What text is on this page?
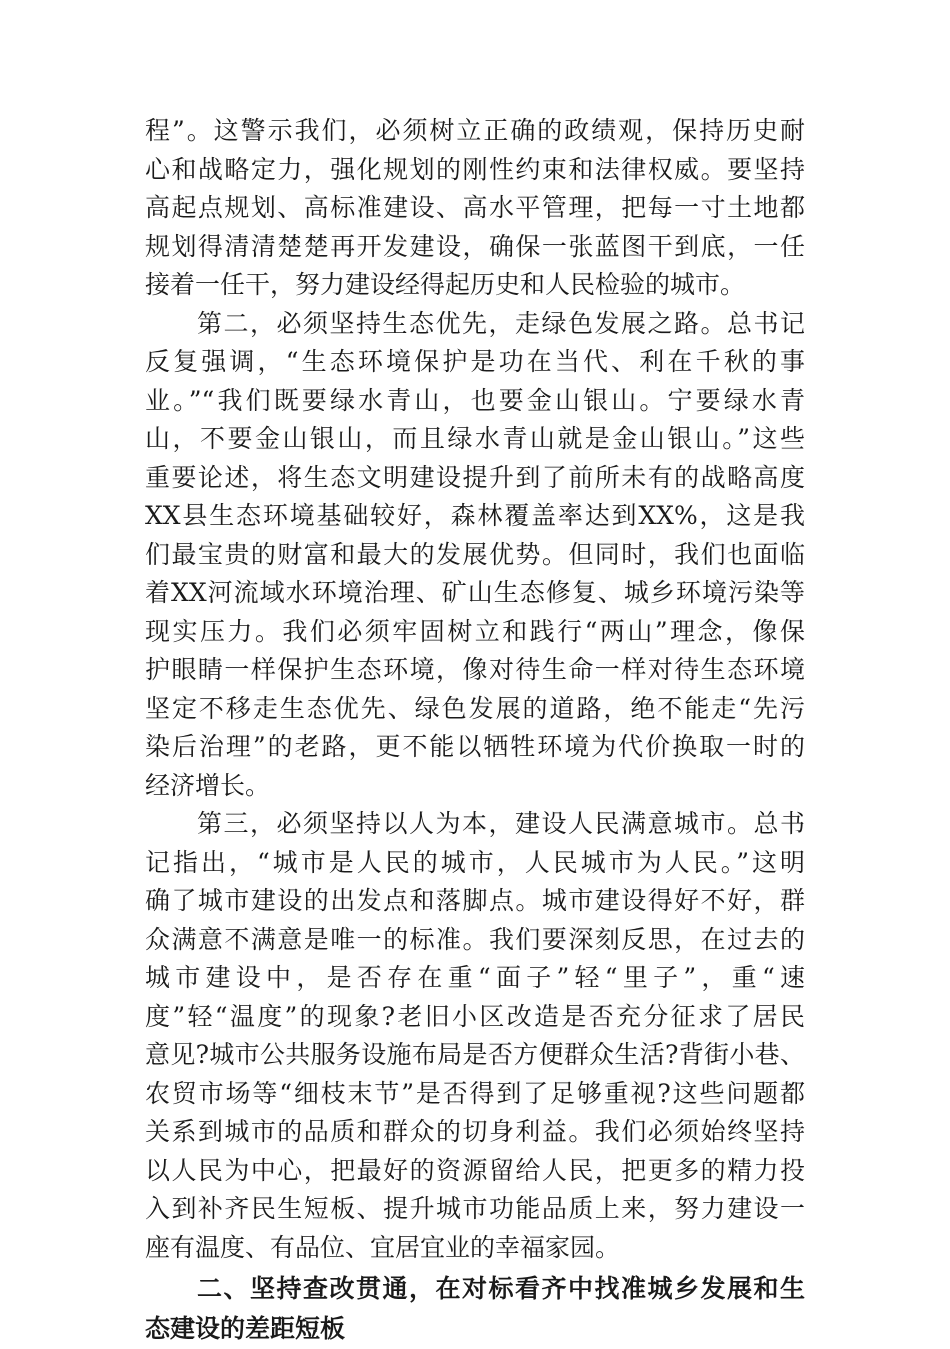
程”。这警示我们，必须树立正确的政绩观，保持历史耐
心和战略定力，强化规划的刚性约束和法律权威。要坚持
高起点规划、高标准建设、高水平管理，把每一寸土地都
规划得清清楚楚再开发建设，确保一张蓝图干到底，一任
接着一任干，努力建设经得起历史和人民检验的城市。
第二，必须坚持生态优先，走绿色发展之路。总书记
反复强调，“生态环境保护是功在当代、利在千秋的事
业。”“我们既要绿水青山，也要金山银山。宁要绿水青
山，不要金山银山，而且绿水青山就是金山银山。”这些
重要论述，将生态文明建设提升到了前所未有的战略高度
XX县生态环境基础较好，森林覆盖率达到XX%，这是我
们最宝贵的财富和最大的发展优势。但同时，我们也面临
着XX河流域水环境治理、矿山生态修复、城乡环境污染等
现实压力。我们必须牢固树立和践行“两山”理念，像保
护眼睛一样保护生态环境，像对待生命一样对待生态环境
坚定不移走生态优先、绿色发展的道路，绝不能走“先污
染后治理”的老路，更不能以牺牲环境为代价换取一时的
经济增长。
第三，必须坚持以人为本，建设人民满意城市。总书
记指出，“城市是人民的城市，人民城市为人民。”这明
确了城市建设的出发点和落脚点。城市建设得好不好，群
众满意不满意是唯一的标准。我们要深刻反思，在过去的
城市建设中，是否存在重“面子”轻“里子”，重“速
度”轻“温度”的现象?老旧小区改造是否充分征求了居民
意见?城市公共服务设施布局是否方便群众生活?背街小巷、
农贸市场等“细枝末节”是否得到了足够重视?这些问题都
关系到城市的品质和群众的切身利益。我们必须始终坚持
以人民为中心，把最好的资源留给人民，把更多的精力投
入到补齐民生短板、提升城市功能品质上来，努力建设一
座有温度、有品位、宜居宜业的幸福家园。
二、坚持查改贯通，在对标看齐中找准城乡发展和生
态建设的差距短板
